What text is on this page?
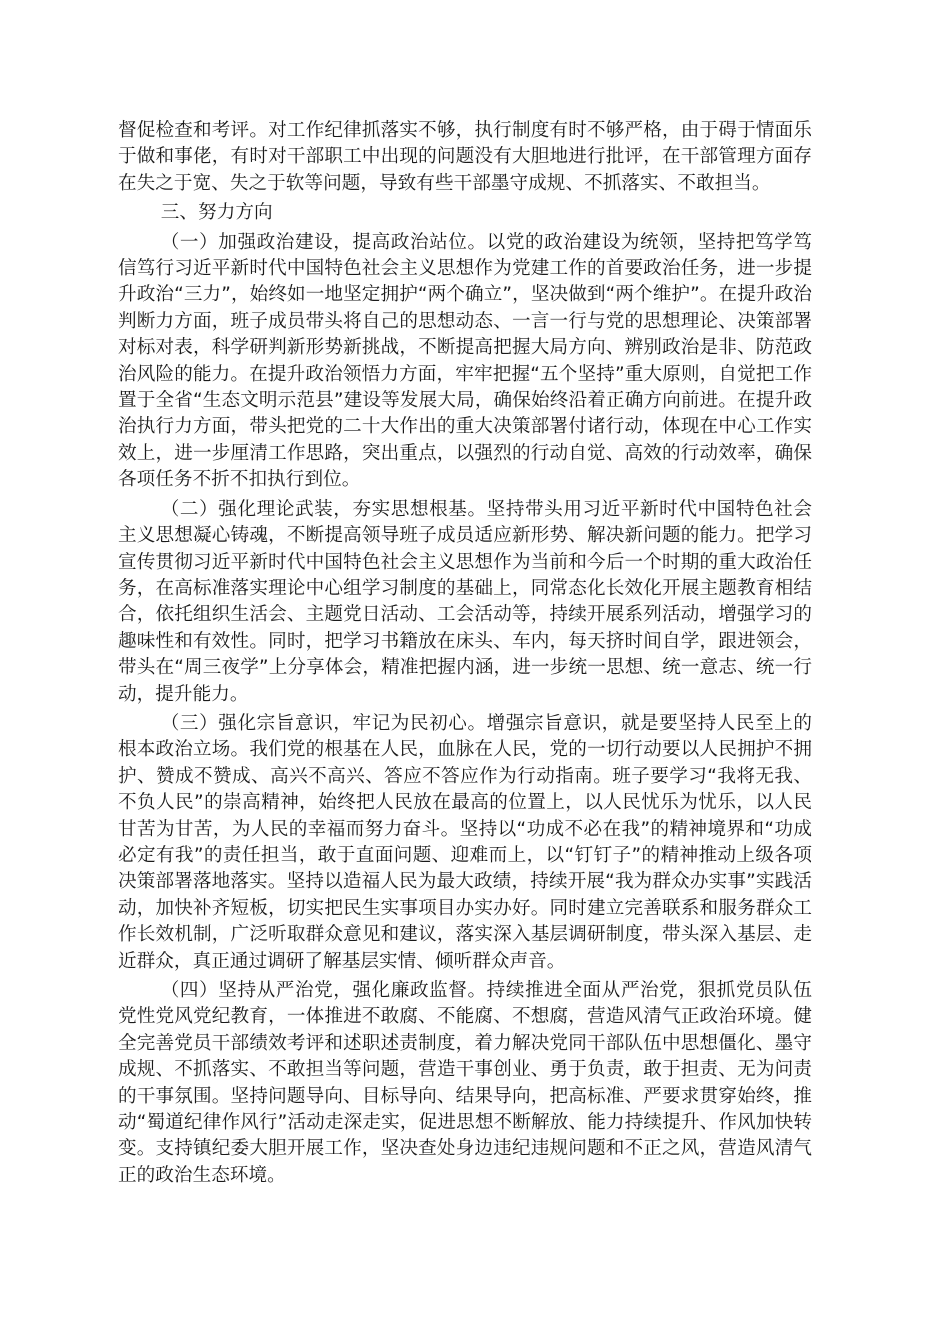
督促检查和考评。对工作纪律抓落实不够，执行制度有时不够严格，由于碍于情面乐于做和事佬，有时对干部职工中出现的问题没有大胆地进行批评，在干部管理方面存在失之于宽、失之于软等问题，导致有些干部墨守成规、不抓落实、不敢担当。

三、努力方向

（一）加强政治建设，提高政治站位。以党的政治建设为统领，坚持把笃学笃信笃行习近平新时代中国特色社会主义思想作为党建工作的首要政治任务，进一步提升政治“三力”，始终如一地坚定拥护“两个确立”，坚决做到“两个维护”。在提升政治判断力方面，班子成员带头将自己的思想动态、一言一行与党的思想理论、决策部署对标对表，科学研判新形势新挑战，不断提高把握大局方向、辨别政治是非、防范政治风险的能力。在提升政治领悟力方面，牢牢把握“五个坚持”重大原则，自觉把工作置于全省“生态文明示范县”建设等发展大局，确保始终沿着正确方向前进。在提升政治执行力方面，带头把党的二十大作出的重大决策部署付诸行动，体现在中心工作实效上，进一步厘清工作思路，突出重点，以强烈的行动自觉、高效的行动效率，确保各项任务不折不扣执行到位。

（二）强化理论武装，夯实思想根基。坚持带头用习近平新时代中国特色社会主义思想凝心铸魂，不断提高领导班子成员适应新形势、解决新问题的能力。把学习宣传贯彻习近平新时代中国特色社会主义思想作为当前和今后一个时期的重大政治任务，在高标准落实理论中心组学习制度的基础上，同常态化长效化开展主题教育相结合，依托组织生活会、主题党日活动、工会活动等，持续开展系列活动，增强学习的趣味性和有效性。同时，把学习书籍放在床头、车内，每天挤时间自学，跟进领会，带头在“周三夜学”上分享体会，精准把握内涵，进一步统一思想、统一意志、统一行动，提升能力。

（三）强化宗旨意识，牢记为民初心。增强宗旨意识，就是要坚持人民至上的根本政治立场。我们党的根基在人民，血脉在人民，党的一切行动要以人民拥护不拥护、赞成不赞成、高兴不高兴、答应不答应作为行动指南。班子要学习“我将无我、不负人民”的崇高精神，始终把人民放在最高的位置上，以人民忧乐为忧乐，以人民甘苦为甘苦，为人民的幸福而努力奋斗。坚持以“功成不必在我”的精神境界和“功成必定有我”的责任担当，敢于直面问题、迎难而上，以“钉钉子”的精神推动上级各项决策部署落地落实。坚持以造福人民为最大政绩，持续开展“我为群众办实事”实践活动，加快补齐短板，切实把民生实事项目办实办好。同时建立完善联系和服务群众工作长效机制，广泛听取群众意见和建议，落实深入基层调研制度，带头深入基层、走近群众，真正通过调研了解基层实情、倾听群众声音。

（四）坚持从严治党，强化廉政监督。持续推进全面从严治党，狠抓党员队伍党性党风党纪教育，一体推进不敢腐、不能腐、不想腐，营造风清气正政治环境。健全完善党员干部绩效考评和述职述责制度，着力解决党同干部队伍中思想僵化、墨守成规、不抓落实、不敢担当等问题，营造干事创业、勇于负责，敢于担责、无为问责的干事氛围。坚持问题导向、目标导向、结果导向，把高标准、严要求贯穿始终，推动“蜀道纪律作风行”活动走深走实，促进思想不断解放、能力持续提升、作风加快转变。支持镇纪委大胆开展工作，坚决查处身边违纪违规问题和不正之风，营造风清气正的政治生态环境。
